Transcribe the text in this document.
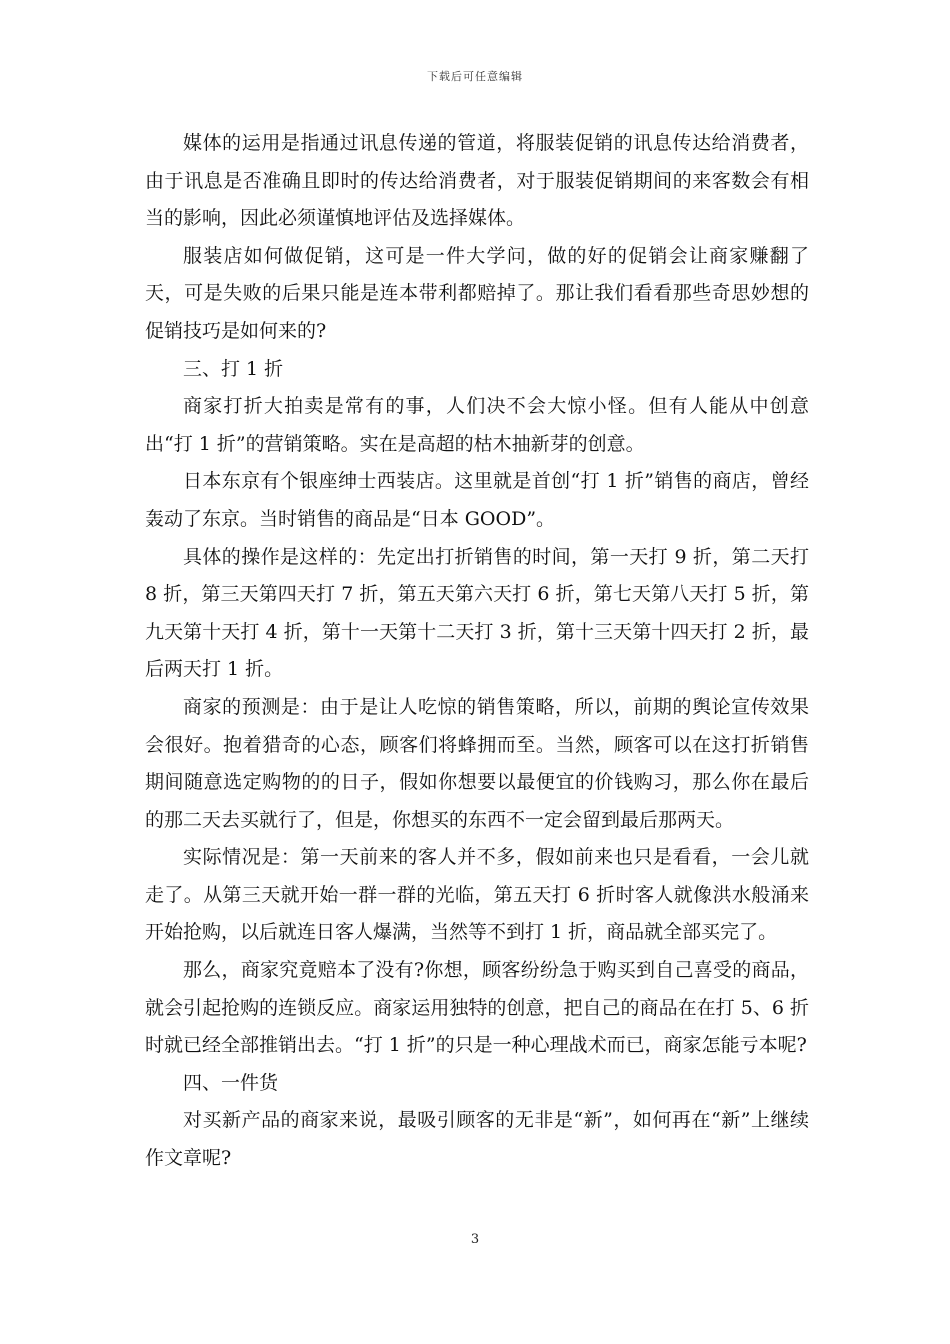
下载后可任意编辑

媒体的运用是指通过讯息传递的管道，将服装促销的讯息传达给消费者，由于讯息是否准确且即时的传达给消费者，对于服装促销期间的来客数会有相当的影响，因此必须谨慎地评估及选择媒体。

服装店如何做促销，这可是一件大学问，做的好的促销会让商家赚翻了天，可是失败的后果只能是连本带利都赔掉了。那让我们看看那些奇思妙想的促销技巧是如何来的?

三、打 1 折

商家打折大拍卖是常有的事，人们决不会大惊小怪。但有人能从中创意出“打 1 折”的营销策略。实在是高超的枯木抽新芽的创意。

日本东京有个银座绅士西装店。这里就是首创“打 1 折”销售的商店，曾经轰动了东京。当时销售的商品是“日本 GOOD”。

具体的操作是这样的：先定出打折销售的时间，第一天打 9 折，第二天打 8 折，第三天第四天打 7 折，第五天第六天打 6 折，第七天第八天打 5 折，第九天第十天打 4 折，第十一天第十二天打 3 折，第十三天第十四天打 2 折，最后两天打 1 折。

商家的预测是：由于是让人吃惊的销售策略，所以，前期的舆论宣传效果会很好。抱着猎奇的心态，顾客们将蜂拥而至。当然，顾客可以在这打折销售期间随意选定购物的的日子，假如你想要以最便宜的价钱购习，那么你在最后的那二天去买就行了，但是，你想买的东西不一定会留到最后那两天。

实际情况是：第一天前来的客人并不多，假如前来也只是看看，一会儿就走了。从第三天就开始一群一群的光临，第五天打 6 折时客人就像洪水般涌来开始抢购，以后就连日客人爆满，当然等不到打 1 折，商品就全部买完了。

那么，商家究竟赔本了没有?你想，顾客纷纷急于购买到自己喜受的商品，就会引起抢购的连锁反应。商家运用独特的创意，把自己的商品在在打 5、6 折时就已经全部推销出去。“打 1 折”的只是一种心理战术而已，商家怎能亏本呢?

四、一件货

对买新产品的商家来说，最吸引顾客的无非是“新”，如何再在“新”上继续作文章呢?

3
